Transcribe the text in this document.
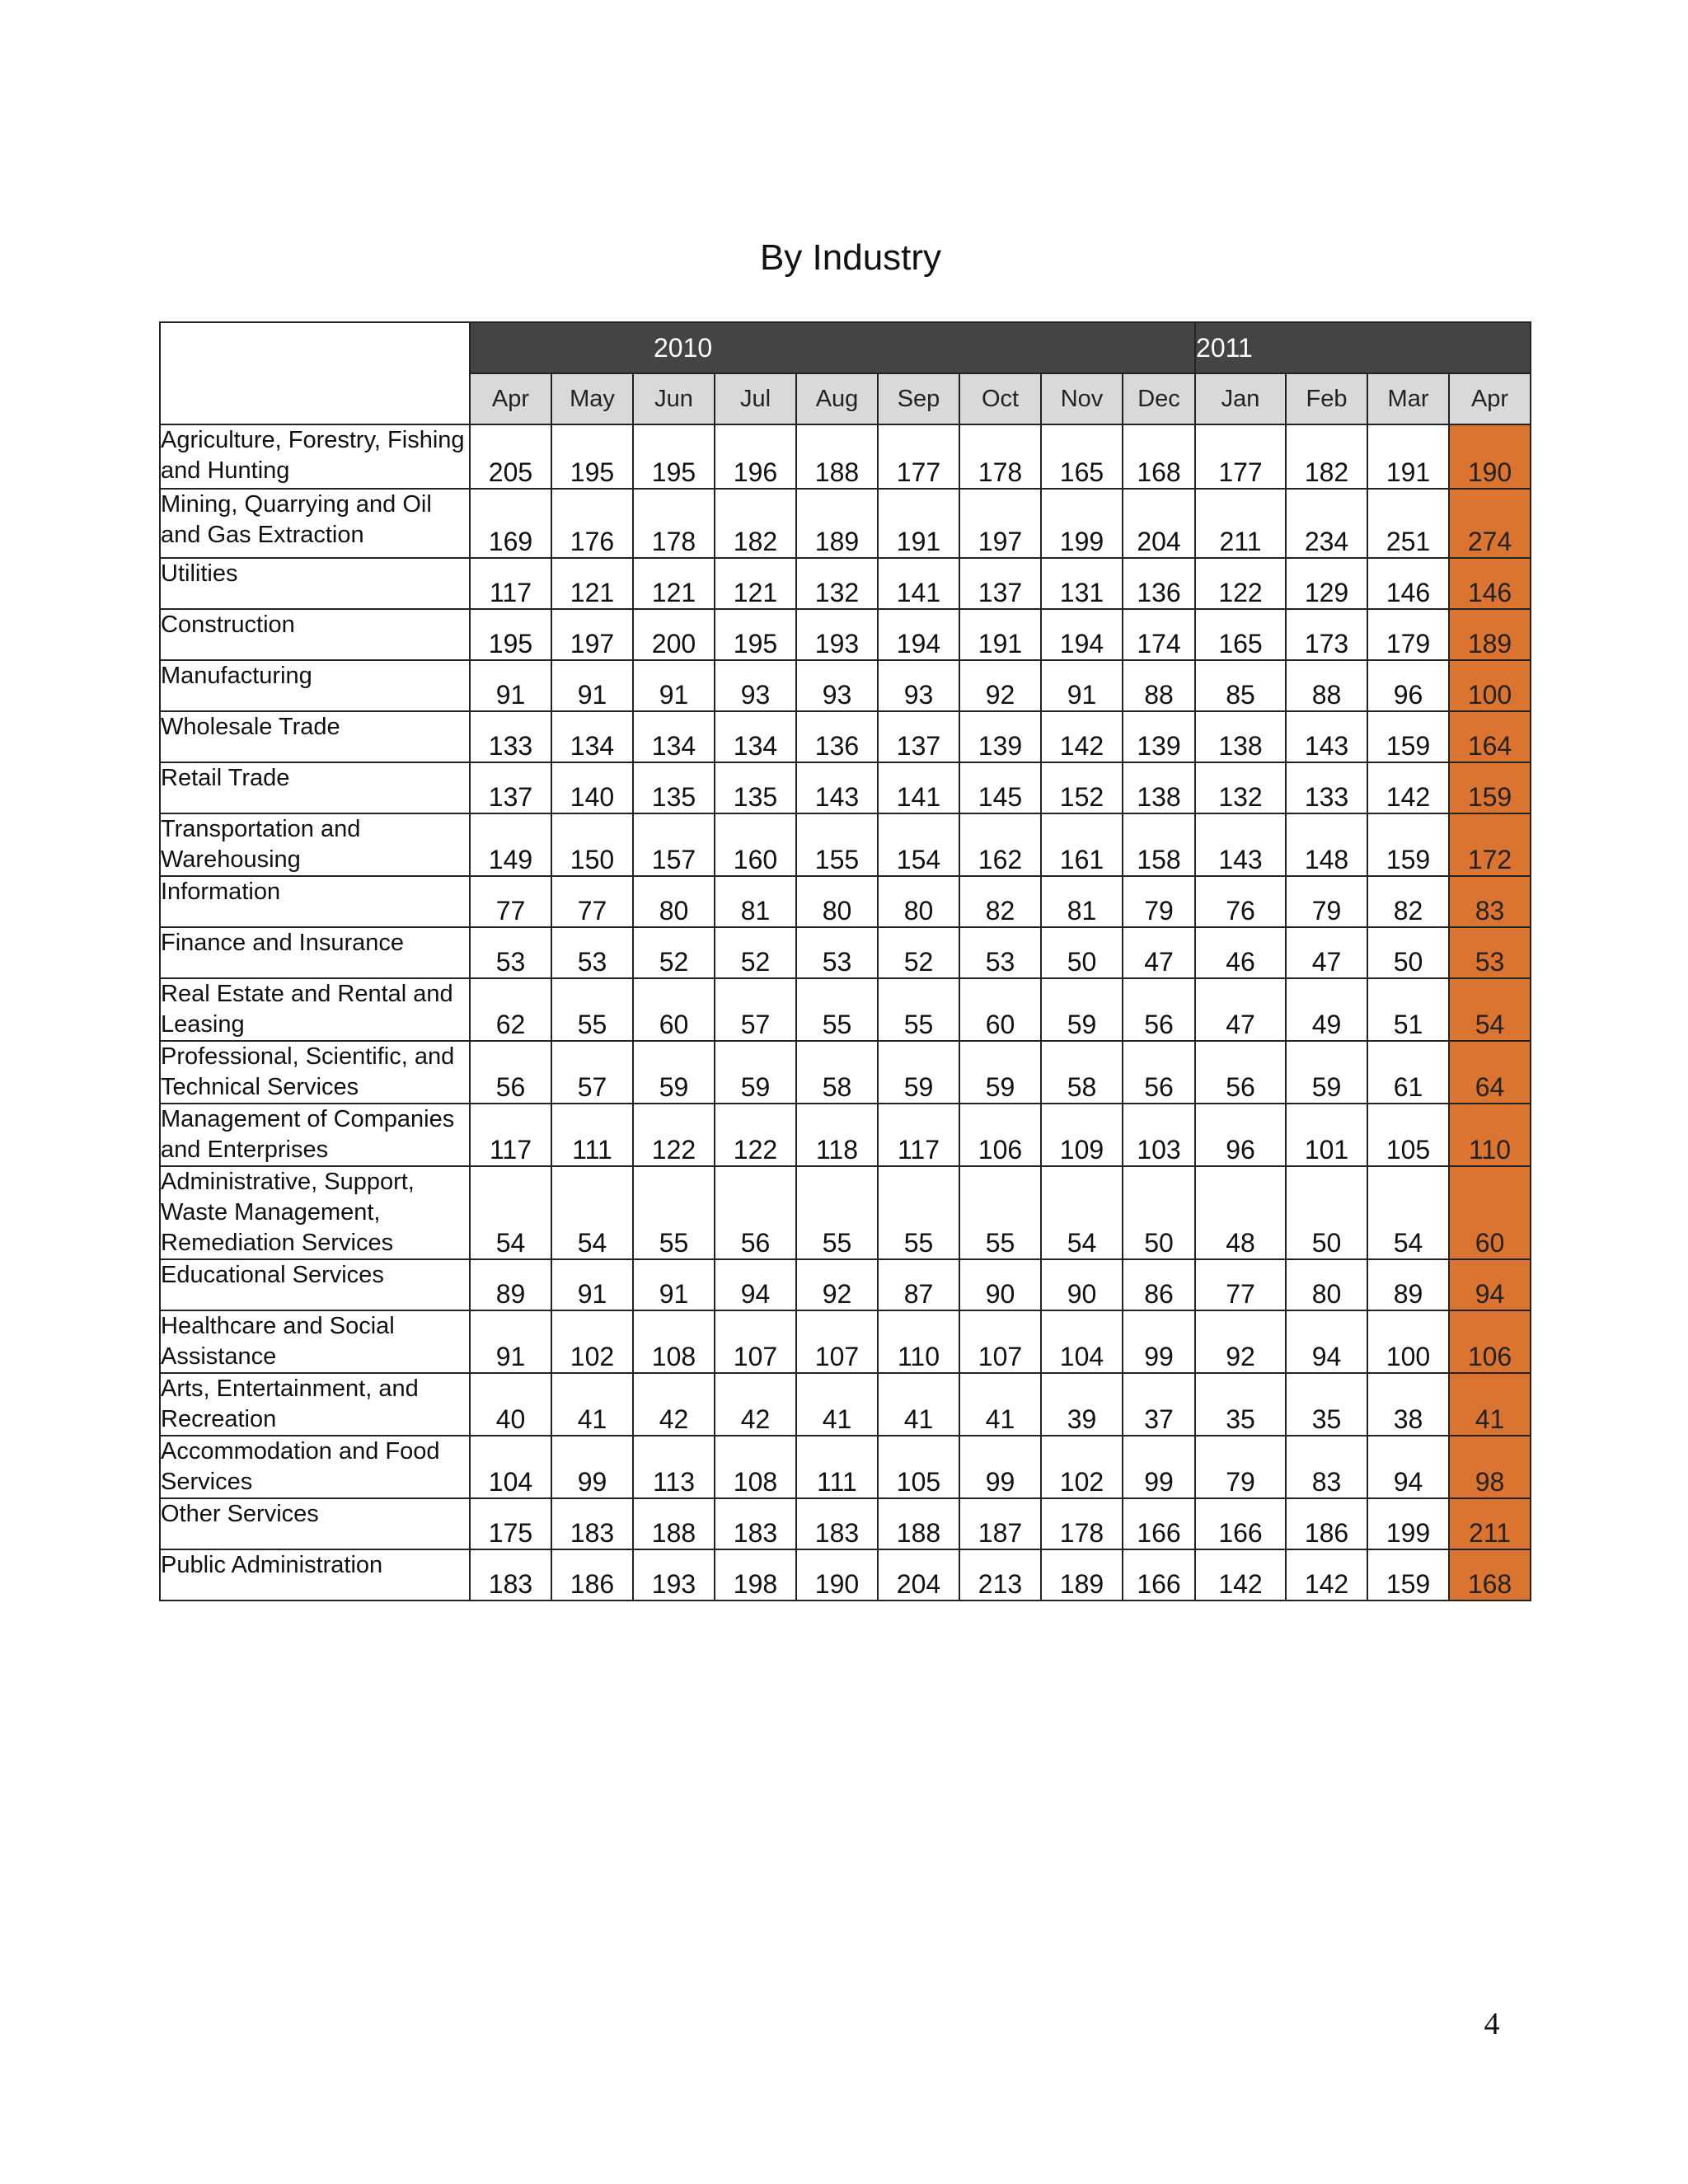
By Industry
	2010									2011			
	Apr	May	Jun	Jul	Aug	Sep	Oct	Nov	Dec	Jan	Feb	Mar	Apr
Agriculture, Forestry, Fishing and Hunting	205	195	195	196	188	177	178	165	168	177	182	191	190
Mining, Quarrying and Oil and Gas Extraction	169	176	178	182	189	191	197	199	204	211	234	251	274
Utilities	117	121	121	121	132	141	137	131	136	122	129	146	146
Construction	195	197	200	195	193	194	191	194	174	165	173	179	189
Manufacturing	91	91	91	93	93	93	92	91	88	85	88	96	100
Wholesale Trade	133	134	134	134	136	137	139	142	139	138	143	159	164
Retail Trade	137	140	135	135	143	141	145	152	138	132	133	142	159
Transportation and Warehousing	149	150	157	160	155	154	162	161	158	143	148	159	172
Information	77	77	80	81	80	80	82	81	79	76	79	82	83
Finance and Insurance	53	53	52	52	53	52	53	50	47	46	47	50	53
Real Estate and Rental and Leasing	62	55	60	57	55	55	60	59	56	47	49	51	54
Professional, Scientific, and Technical Services	56	57	59	59	58	59	59	58	56	56	59	61	64
Management of Companies and Enterprises	117	111	122	122	118	117	106	109	103	96	101	105	110
Administrative, Support, Waste Management, Remediation Services	54	54	55	56	55	55	55	54	50	48	50	54	60
Educational Services	89	91	91	94	92	87	90	90	86	77	80	89	94
Healthcare and Social Assistance	91	102	108	107	107	110	107	104	99	92	94	100	106
Arts, Entertainment, and Recreation	40	41	42	42	41	41	41	39	37	35	35	38	41
Accommodation and Food Services	104	99	113	108	111	105	99	102	99	79	83	94	98
Other Services	175	183	188	183	183	188	187	178	166	166	186	199	211
Public Administration	183	186	193	198	190	204	213	189	166	142	142	159	168
4
